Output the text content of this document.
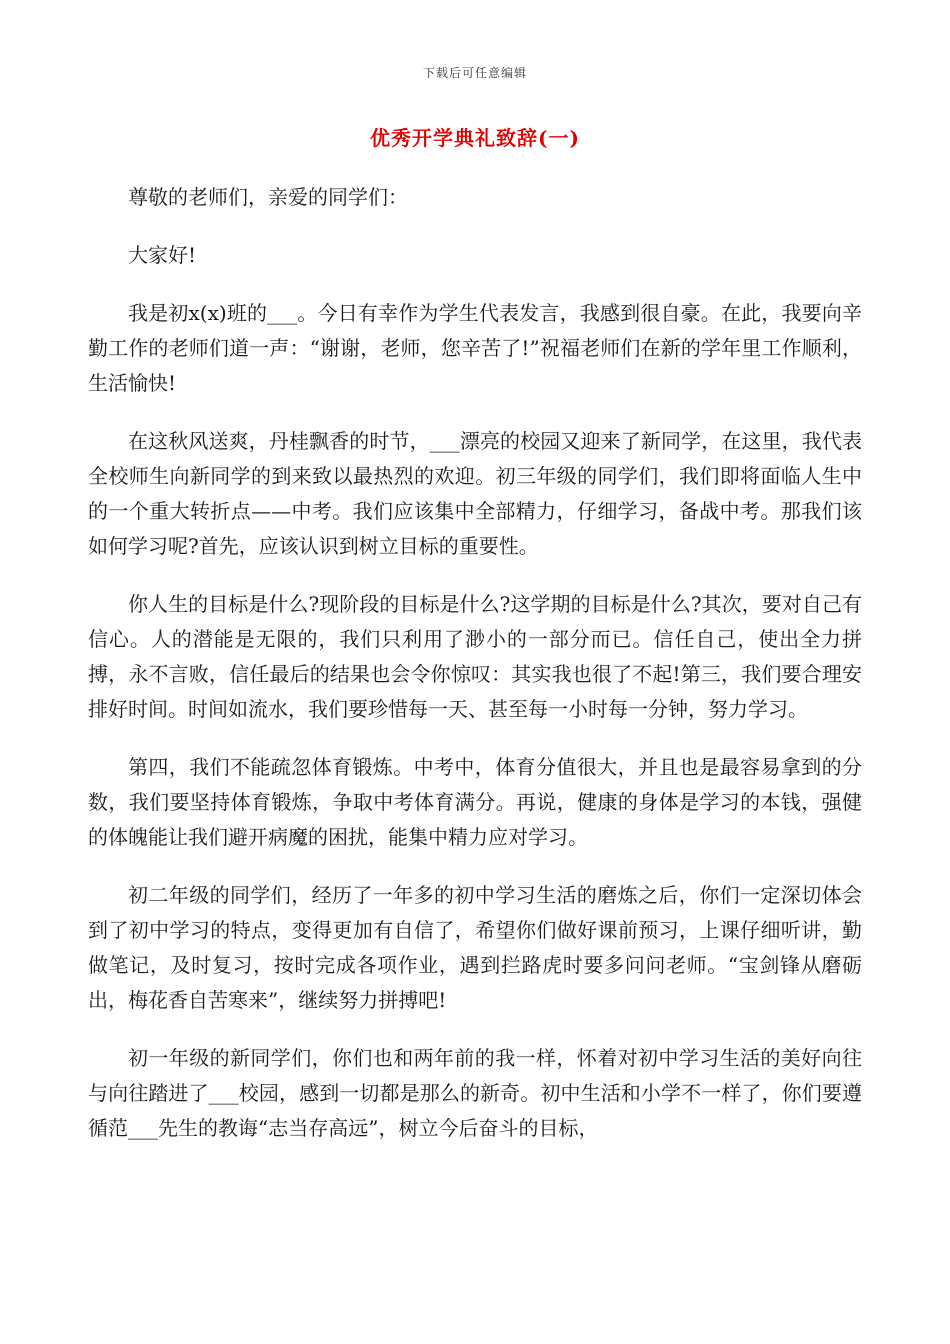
下载后可任意编辑
优秀开学典礼致辞(一)

尊敬的老师们，亲爱的同学们：

大家好!

我是初x(x)班的___。今日有幸作为学生代表发言，我感到很自豪。在此，我要向辛勤工作的老师们道一声：“谢谢，老师，您辛苦了!”祝福老师们在新的学年里工作顺利，生活愉快!

在这秋风送爽，丹桂飘香的时节，___漂亮的校园又迎来了新同学，在这里，我代表全校师生向新同学的到来致以最热烈的欢迎。初三年级的同学们，我们即将面临人生中的一个重大转折点——中考。我们应该集中全部精力，仔细学习，备战中考。那我们该如何学习呢?首先，应该认识到树立目标的重要性。

你人生的目标是什么?现阶段的目标是什么?这学期的目标是什么?其次，要对自己有信心。人的潜能是无限的，我们只利用了渺小的一部分而已。信任自己，使出全力拼搏，永不言败，信任最后的结果也会令你惊叹：其实我也很了不起!第三，我们要合理安排好时间。时间如流水，我们要珍惜每一天、甚至每一小时每一分钟，努力学习。

第四，我们不能疏忽体育锻炼。中考中，体育分值很大，并且也是最容易拿到的分数，我们要坚持体育锻炼，争取中考体育满分。再说，健康的身体是学习的本钱，强健的体魄能让我们避开病魔的困扰，能集中精力应对学习。

初二年级的同学们，经历了一年多的初中学习生活的磨炼之后，你们一定深切体会到了初中学习的特点，变得更加有自信了，希望你们做好课前预习，上课仔细听讲，勤做笔记，及时复习，按时完成各项作业，遇到拦路虎时要多问问老师。“宝剑锋从磨砺出，梅花香自苦寒来”，继续努力拼搏吧!

初一年级的新同学们，你们也和两年前的我一样，怀着对初中学习生活的美好向往与向往踏进了___校园，感到一切都是那么的新奇。初中生活和小学不一样了，你们要遵循范___先生的教诲“志当存高远”，树立今后奋斗的目标，
